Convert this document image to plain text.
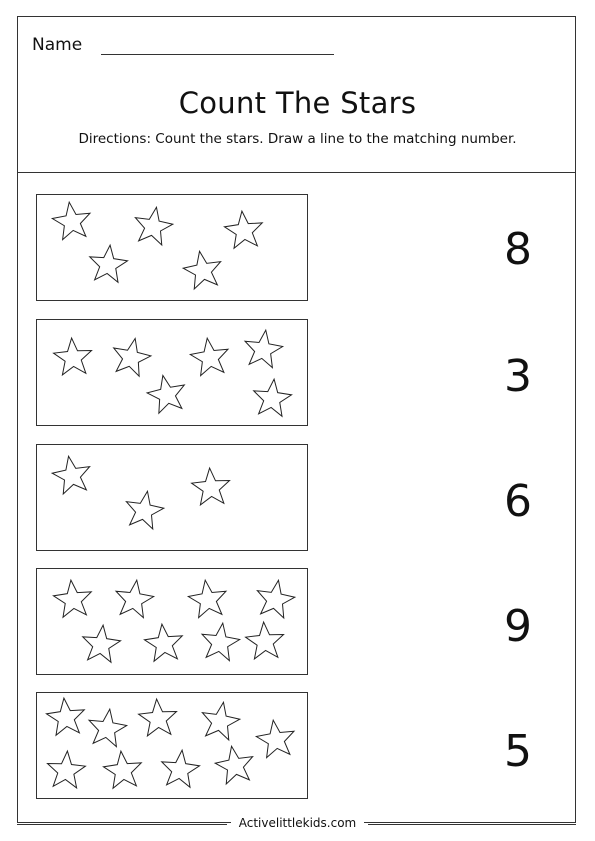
Name
Count The Stars
Directions: Count the stars. Draw a line to the matching number.
8
3
6
9
5
Activelittlekids.com
